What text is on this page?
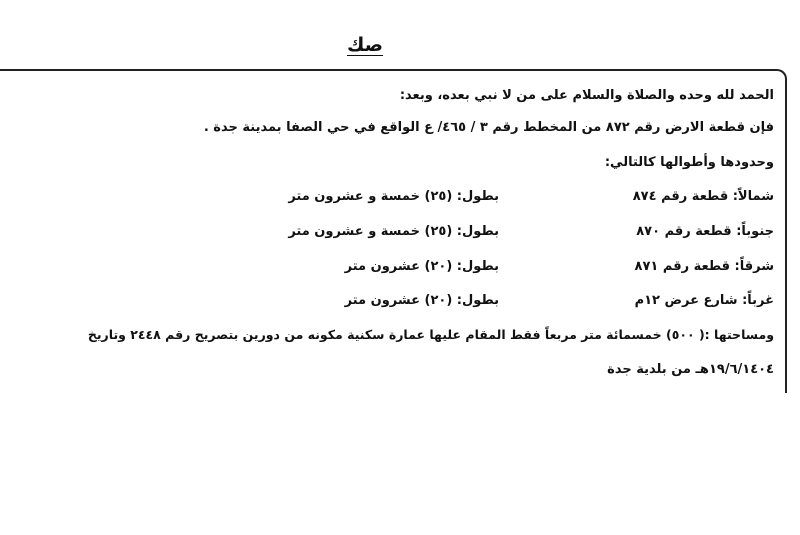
صك
الحمد لله وحده والصلاة والسلام على من لا نبي بعده، وبعد:
فإن قطعة الارض رقم ٨٧٢ من المخطط رقم ٣ / ٤٦٥/ ع الواقع في حي الصفا بمدينة جدة .
وحدودها وأطوالها كالتالي:
شمالاً: قطعة رقم ٨٧٤
بطول: (٢٥) خمسة و عشرون متر
جنوباً: قطعة رقم ٨٧٠
بطول: (٢٥) خمسة و عشرون متر
شرقاً: قطعة رقم ٨٧١
بطول: (٢٠) عشرون متر
غرباً: شارع عرض ١٢م
بطول: (٢٠) عشرون متر
ومساحتها :( ٥٠٠) خمسمائة متر مربعاً فقط المقام عليها عمارة سكنية مكونه من دورين بتصريح رقم ٢٤٤٨ وتاريخ
١٩/٦/١٤٠٤هـ من بلدية جدة
